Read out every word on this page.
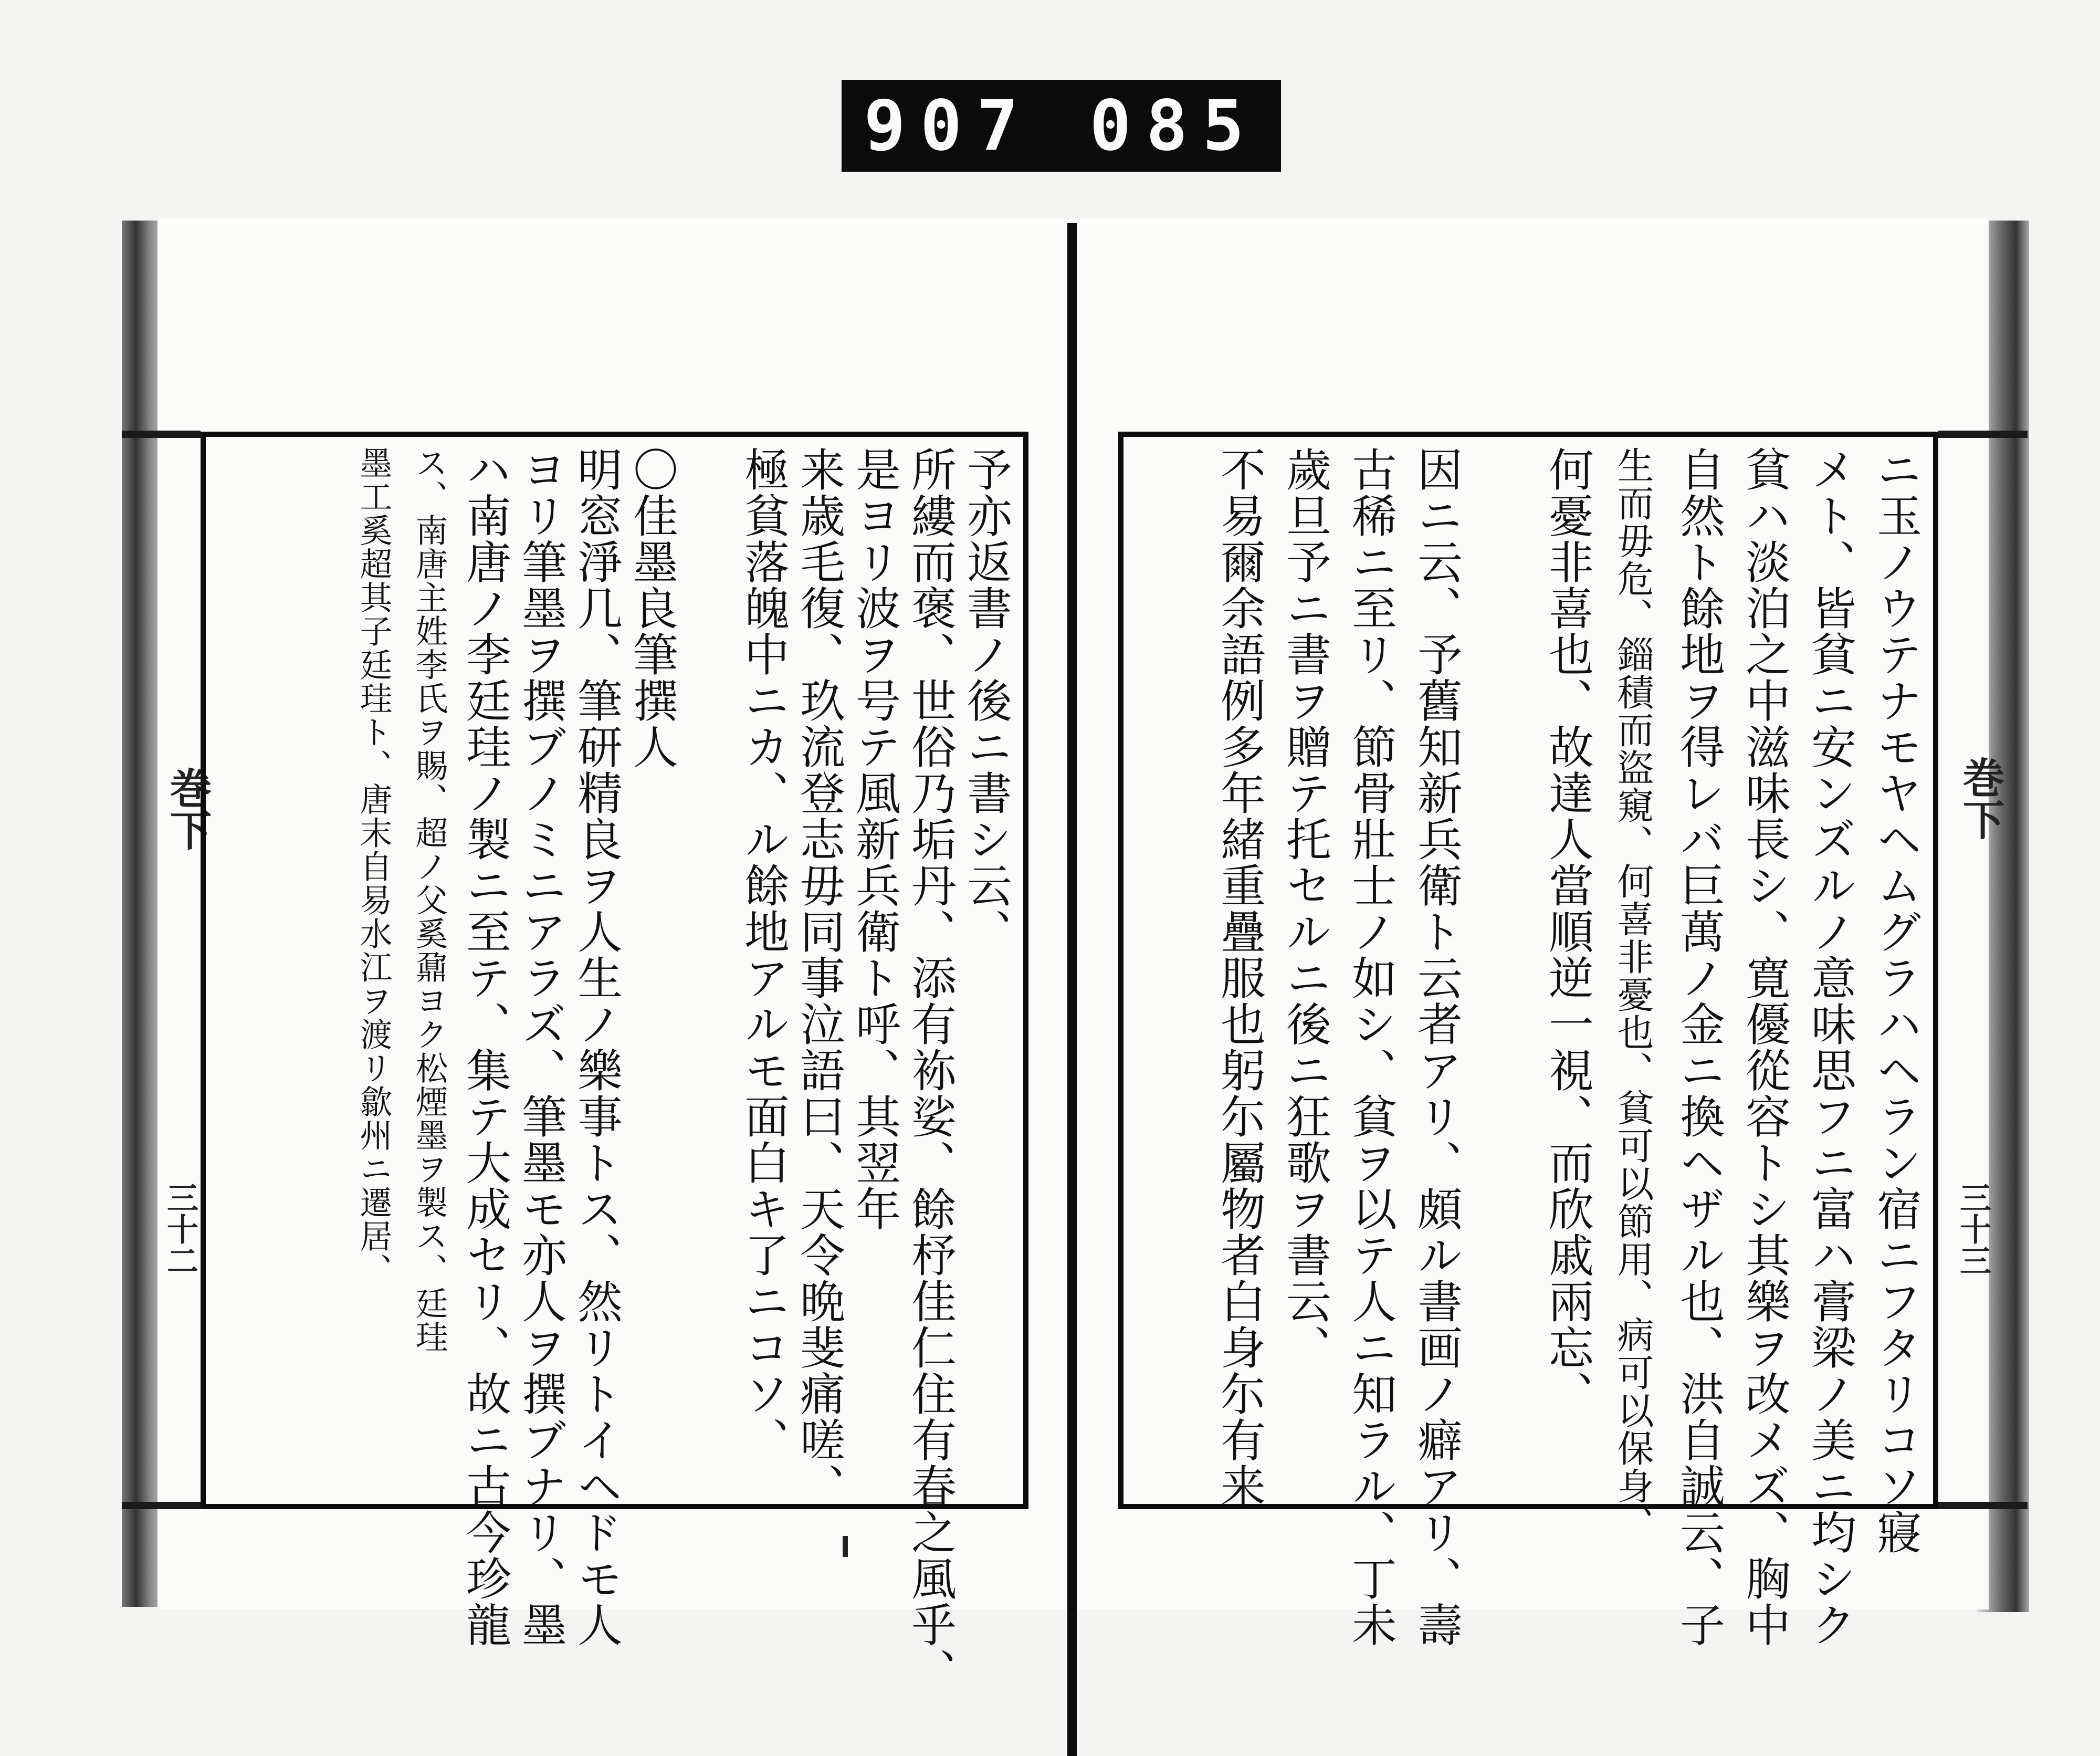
907 085
巻下
三十二
巻下
三十三
予亦返書ノ後ニ書シ云、
所縷而褒、世俗乃垢丹、添有袮娑、餘杼佳仁住有春之風乎、
是ヨリ波ヲ号テ風新兵衛ト呼、其翌年
来歳毛復、玖流登志毋同事泣語曰、天令晩斐痛嗟、
極貧落魄中ニカ、ル餘地アルモ面白キ了ニコソ、
〇佳墨良筆撰人
明窓淨几、筆研精良ヲ人生ノ樂事トス、然リトイヘドモ人
ヨリ筆墨ヲ撰ブノミニアラズ、筆墨モ亦人ヲ撰ブナリ、墨
ハ南唐ノ李廷珪ノ製ニ至テ、集テ大成セリ、故ニ古今珍龍
ス、南唐主姓李氏ヲ賜、超ノ父奚鼐ヨク松煙墨ヲ製ス、廷珪
墨工奚超其子廷珪ト、唐末自易水江ヲ渡リ歙州ニ遷居、	ニ玉ノウテナモヤヘムグラハヘラン宿ニフタリコソ寢
メト、皆貧ニ安ンズルノ意味思フニ富ハ膏梁ノ美ニ均シク
貧ハ淡泊之中滋味長シ、寛優從容トシ其樂ヲ改メズ、胸中
自然ト餘地ヲ得レバ巨萬ノ金ニ換ヘザル也、洪自誠云、子
生而毋危、錙積而盜窺、何喜非憂也、貧可以節用、病可以保身、
何憂非喜也、故達人當順逆一視、而欣戚兩忘、
因ニ云、予舊知新兵衛ト云者アリ、頗ル書画ノ癖アリ、壽
古稀ニ至リ、節骨壯士ノ如シ、貧ヲ以テ人ニ知ラル、丁未
歲旦予ニ書ヲ贈テ托セルニ後ニ狂歌ヲ書云、
不易爾余語例多年緒重疊服也躬尓屬物者白身尓有来
